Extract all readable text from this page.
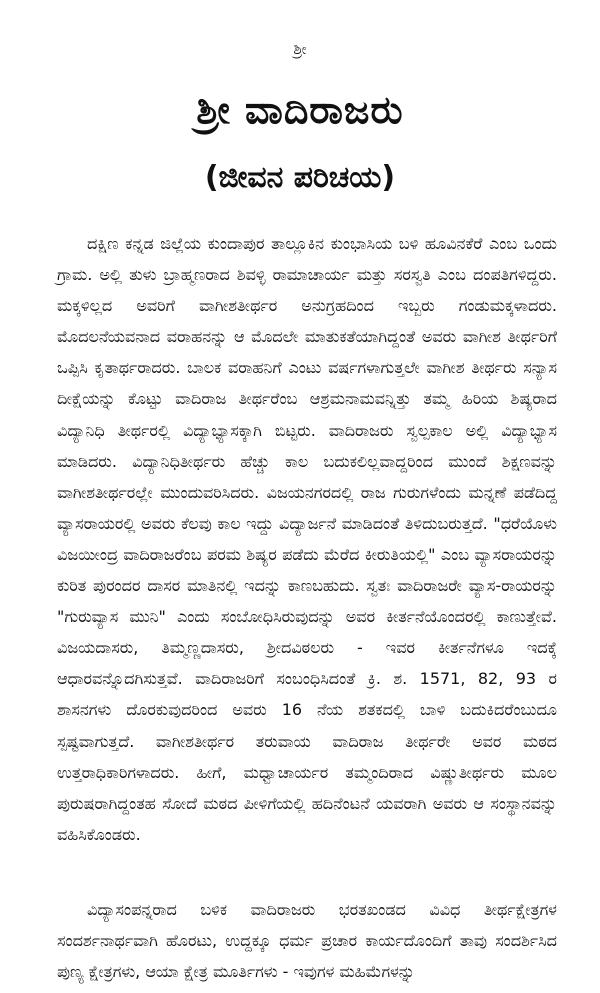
ಶ್ರೀ
ಶ್ರೀ ವಾದಿರಾಜರು
(ಜೀವನ ಪರಿಚಯ)

ದಕ್ಷಿಣ ಕನ್ನಡ ಜಿಲ್ಲೆಯ ಕುಂದಾಪುರ ತಾಲ್ಲೂಕಿನ ಕುಂಭಾಸಿಯ ಬಳಿ ಹೂವಿನಕೆರೆ ಎಂಬ ಒಂದು ಗ್ರಾಮ. ಅಲ್ಲಿ ತುಳು ಬ್ರಾಹ್ಮಣರಾದ ಶಿವಳ್ಳಿ ರಾಮಾಚಾರ್ಯ ಮತ್ತು ಸರಸ್ವತಿ ಎಂಬ ದಂಪತಿಗಳಿದ್ದರು. ಮಕ್ಕಳಿಲ್ಲದ ಅವರಿಗೆ ವಾಗೀಶತೀರ್ಥರ ಅನುಗ್ರಹದಿಂದ ಇಬ್ಬರು ಗಂಡುಮಕ್ಕಳಾದರು. ಮೊದಲನೆಯವನಾದ ವರಾಹನನ್ನು ಆ ಮೊದಲೇ ಮಾತುಕತೆಯಾಗಿದ್ದಂತೆ ಅವರು ವಾಗೀಶ ತೀರ್ಥರಿಗೆ ಒಪ್ಪಿಸಿ ಕೃತಾರ್ಥರಾದರು. ಬಾಲಕ ವರಾಹನಿಗೆ ಎಂಟು ವರ್ಷಗಳಾಗುತ್ತಲೇ ವಾಗೀಶ ತೀರ್ಥರು ಸನ್ಯಾಸ ದೀಕ್ಷೆಯನ್ನು ಕೊಟ್ಟು ವಾದಿರಾಜ ತೀರ್ಥರೆಂಬ ಆಶ್ರಮನಾಮವನ್ನಿತ್ತು ತಮ್ಮ ಹಿರಿಯ ಶಿಷ್ಯರಾದ ವಿದ್ಯಾನಿಧಿ ತೀರ್ಥರಲ್ಲಿ ವಿದ್ಯಾಭ್ಯಾಸಕ್ಕಾಗಿ ಬಿಟ್ಟರು. ವಾದಿರಾಜರು ಸ್ವಲ್ಪಕಾಲ ಅಲ್ಲಿ ವಿದ್ಯಾಭ್ಯಾಸ ಮಾಡಿದರು. ವಿದ್ಯಾನಿಧಿತೀರ್ಥರು ಹೆಚ್ಚು ಕಾಲ ಬದುಕಲಿಲ್ಲವಾದ್ದರಿಂದ ಮುಂದೆ ಶಿಕ್ಷಣವನ್ನು ವಾಗೀಶತೀರ್ಥರಲ್ಲೇ ಮುಂದುವರಿಸಿದರು. ವಿಜಯನಗರದಲ್ಲಿ ರಾಜ ಗುರುಗಳೆಂದು ಮನ್ನಣೆ ಪಡೆದಿದ್ದ ವ್ಯಾಸರಾಯರಲ್ಲಿ ಅವರು ಕೆಲವು ಕಾಲ ಇದ್ದು ವಿದ್ಯಾರ್ಜನೆ ಮಾಡಿದಂತೆ ತಿಳಿದುಬರುತ್ತದೆ. "ಧರೆಯೊಳು ವಿಜಯೀಂದ್ರ ವಾದಿರಾಜರೆಂಬ ಪರಮ ಶಿಷ್ಯರ ಪಡೆದು ಮೆರೆದ ಕೀರುತಿಯಲ್ಲಿ" ಎಂಬ ವ್ಯಾಸರಾಯರನ್ನು ಕುರಿತ ಪುರಂದರ ದಾಸರ ಮಾತಿನಲ್ಲಿ ಇದನ್ನು ಕಾಣಬಹುದು. ಸ್ವತಃ ವಾದಿರಾಜರೇ ವ್ಯಾಸ-ರಾಯರನ್ನು "ಗುರುವ್ಯಾಸ ಮುನಿ" ಎಂದು ಸಂಬೋಧಿಸಿರುವುದನ್ನು ಅವರ ಕೀರ್ತನೆಯೊಂದರಲ್ಲಿ ಕಾಣುತ್ತೇವೆ. ವಿಜಯದಾಸರು, ತಿಮ್ಮಣ್ಣದಾಸರು, ಶ್ರೀದವಿಠಲರು - ಇವರ ಕೀರ್ತನೆಗಳೂ ಇದಕ್ಕೆ ಆಧಾರವನ್ನೊದಗಿಸುತ್ತವೆ. ವಾದಿರಾಜರಿಗೆ ಸಂಬಂಧಿಸಿದಂತೆ ಕ್ರಿ. ಶ. 1571, 82, 93 ರ ಶಾಸನಗಳು ದೊರಕುವುದರಿಂದ ಅವರು 16 ನೆಯ ಶತಕದಲ್ಲಿ ಬಾಳಿ ಬದುಕಿದರೆಂಬುದೂ ಸ್ಪಷ್ಟವಾಗುತ್ತದೆ. ವಾಗೀಶತೀರ್ಥರ ತರುವಾಯ ವಾದಿರಾಜ ತೀರ್ಥರೇ ಅವರ ಮಠದ ಉತ್ತರಾಧಿಕಾರಿಗಳಾದರು. ಹೀಗೆ, ಮಧ್ವಾಚಾರ್ಯರ ತಮ್ಮಂದಿರಾದ ವಿಷ್ಣುತೀರ್ಥರು ಮೂಲ ಪುರುಷರಾಗಿದ್ದಂತಹ ಸೋದೆ ಮಠದ ಪೀಳಿಗೆಯಲ್ಲಿ ಹದಿನೆಂಟನೆ ಯವರಾಗಿ ಅವರು ಆ ಸಂಸ್ಥಾನವನ್ನು ವಹಿಸಿಕೊಂಡರು.

ವಿದ್ಯಾಸಂಪನ್ನರಾದ ಬಳಿಕ ವಾದಿರಾಜರು ಭರತಖಂಡದ ವಿವಿಧ ತೀರ್ಥಕ್ಷೇತ್ರಗಳ ಸಂದರ್ಶನಾರ್ಥವಾಗಿ ಹೊರಟು, ಉದ್ದಕ್ಕೂ ಧರ್ಮ ಪ್ರಚಾರ ಕಾರ್ಯದೊಂದಿಗೆ ತಾವು ಸಂದರ್ಶಿಸಿದ ಪುಣ್ಯ ಕ್ಷೇತ್ರಗಳು, ಆಯಾ ಕ್ಷೇತ್ರ ಮೂರ್ತಿಗಳು - ಇವುಗಳ ಮಹಿಮೆಗಳನ್ನು
